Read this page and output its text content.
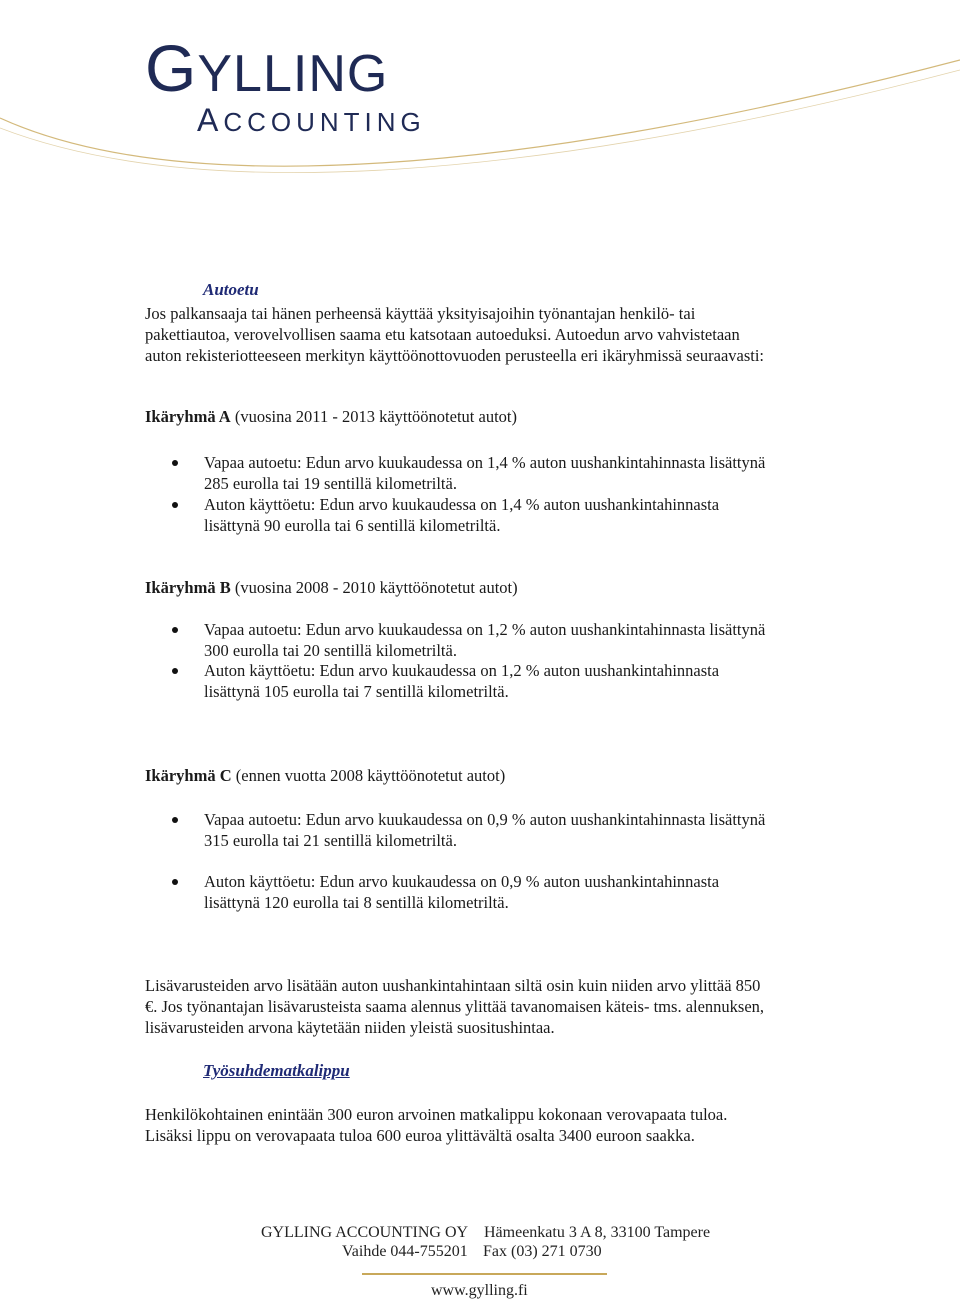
GYLLING
ACCOUNTING
Autoetu
Jos palkansaaja tai hänen perheensä käyttää yksityisajoihin työnantajan henkilö- tai
pakettiautoa, verovelvollisen saama etu katsotaan autoeduksi. Autoedun arvo vahvistetaan
auton rekisteriotteeseen merkityn käyttöönottovuoden perusteella eri ikäryhmissä seuraavasti:
Ikäryhmä A (vuosina 2011 - 2013 käyttöönotetut autot)
Vapaa autoetu: Edun arvo kuukaudessa on 1,4 % auton uushankintahinnasta lisättynä
285 eurolla tai 19 sentillä kilometriltä.
Auton käyttöetu: Edun arvo kuukaudessa on 1,4 % auton uushankintahinnasta
lisättynä 90 eurolla tai 6 sentillä kilometriltä.
Ikäryhmä B (vuosina 2008 - 2010 käyttöönotetut autot)
Vapaa autoetu: Edun arvo kuukaudessa on 1,2 % auton uushankintahinnasta lisättynä
300 eurolla tai 20 sentillä kilometriltä.
Auton käyttöetu: Edun arvo kuukaudessa on 1,2 % auton uushankintahinnasta
lisättynä 105 eurolla tai 7 sentillä kilometriltä.
Ikäryhmä C (ennen vuotta 2008 käyttöönotetut autot)
Vapaa autoetu: Edun arvo kuukaudessa on 0,9 % auton uushankintahinnasta lisättynä
315 eurolla tai 21 sentillä kilometriltä.
Auton käyttöetu: Edun arvo kuukaudessa on 0,9 % auton uushankintahinnasta
lisättynä 120 eurolla tai 8 sentillä kilometriltä.
Lisävarusteiden arvo lisätään auton uushankintahintaan siltä osin kuin niiden arvo ylittää 850
€. Jos työnantajan lisävarusteista saama alennus ylittää tavanomaisen käteis- tms. alennuksen,
lisävarusteiden arvona käytetään niiden yleistä suositushintaa.
Työsuhdematkalippu
Henkilökohtainen enintään 300 euron arvoinen matkalippu kokonaan verovapaata tuloa.
Lisäksi lippu on verovapaata tuloa 600 euroa ylittävältä osalta 3400 euroon saakka.
GYLLING ACCOUNTING OY Hämeenkatu 3 A 8, 33100 Tampere
Vaihde 044-755201 Fax (03) 271 0730
www.gylling.fi
